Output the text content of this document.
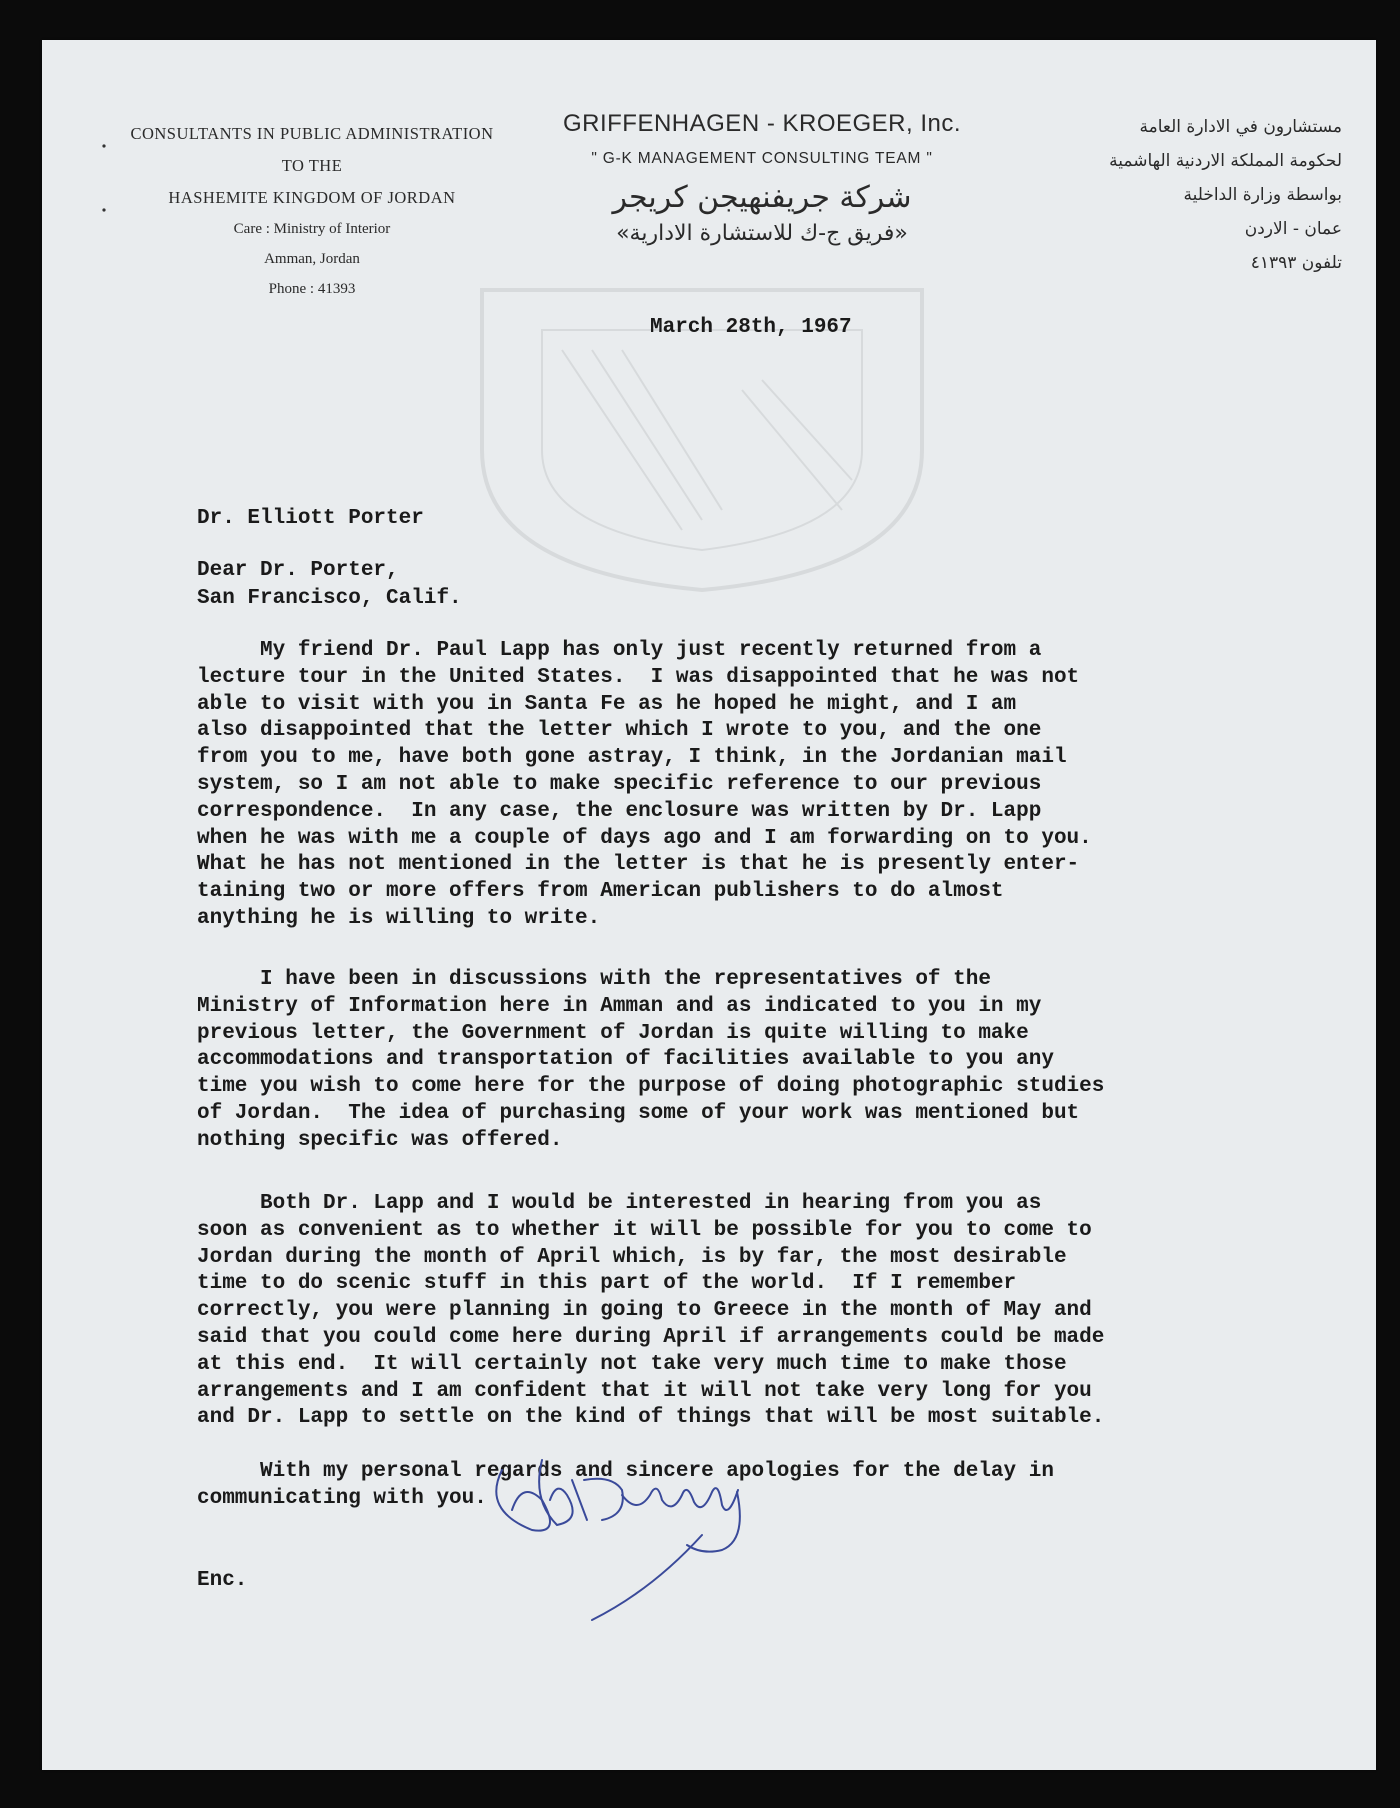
CONSULTANTS IN PUBLIC ADMINISTRATION
TO THE
HASHEMITE KINGDOM OF JORDAN
Care : Ministry of Interior
Amman, Jordan
Phone : 41393
GRIFFENHAGEN - KROEGER, Inc.
" G-K MANAGEMENT CONSULTING TEAM "
شركة جريفنهيجن كريجر
«فريق ج-ك للاستشارة الادارية»
مستشارون في الادارة العامة
لحكومة المملكة الاردنية الهاشمية
بواسطة وزارة الداخلية
عمان - الاردن
تلفون ٤١٣٩٣
March 28th, 1967

Dr. Elliott Porter

San Francisco, Calif.

Dear Dr. Porter,
My friend Dr. Paul Lapp has only just recently returned from a
lecture tour in the United States.  I was disappointed that he was not
able to visit with you in Santa Fe as he hoped he might, and I am
also disappointed that the letter which I wrote to you, and the one
from you to me, have both gone astray, I think, in the Jordanian mail
system, so I am not able to make specific reference to our previous
correspondence.  In any case, the enclosure was written by Dr. Lapp
when he was with me a couple of days ago and I am forwarding on to you.
What he has not mentioned in the letter is that he is presently enter-
taining two or more offers from American publishers to do almost
anything he is willing to write.
I have been in discussions with the representatives of the
Ministry of Information here in Amman and as indicated to you in my
previous letter, the Government of Jordan is quite willing to make
accommodations and transportation of facilities available to you any
time you wish to come here for the purpose of doing photographic studies
of Jordan.  The idea of purchasing some of your work was mentioned but
nothing specific was offered.
Both Dr. Lapp and I would be interested in hearing from you as
soon as convenient as to whether it will be possible for you to come to
Jordan during the month of April which, is by far, the most desirable
time to do scenic stuff in this part of the world.  If I remember
correctly, you were planning in going to Greece in the month of May and
said that you could come here during April if arrangements could be made
at this end.  It will certainly not take very much time to make those
arrangements and I am confident that it will not take very long for you
and Dr. Lapp to settle on the kind of things that will be most suitable.
With my personal regards and sincere apologies for the delay in
communicating with you.
Enc.
